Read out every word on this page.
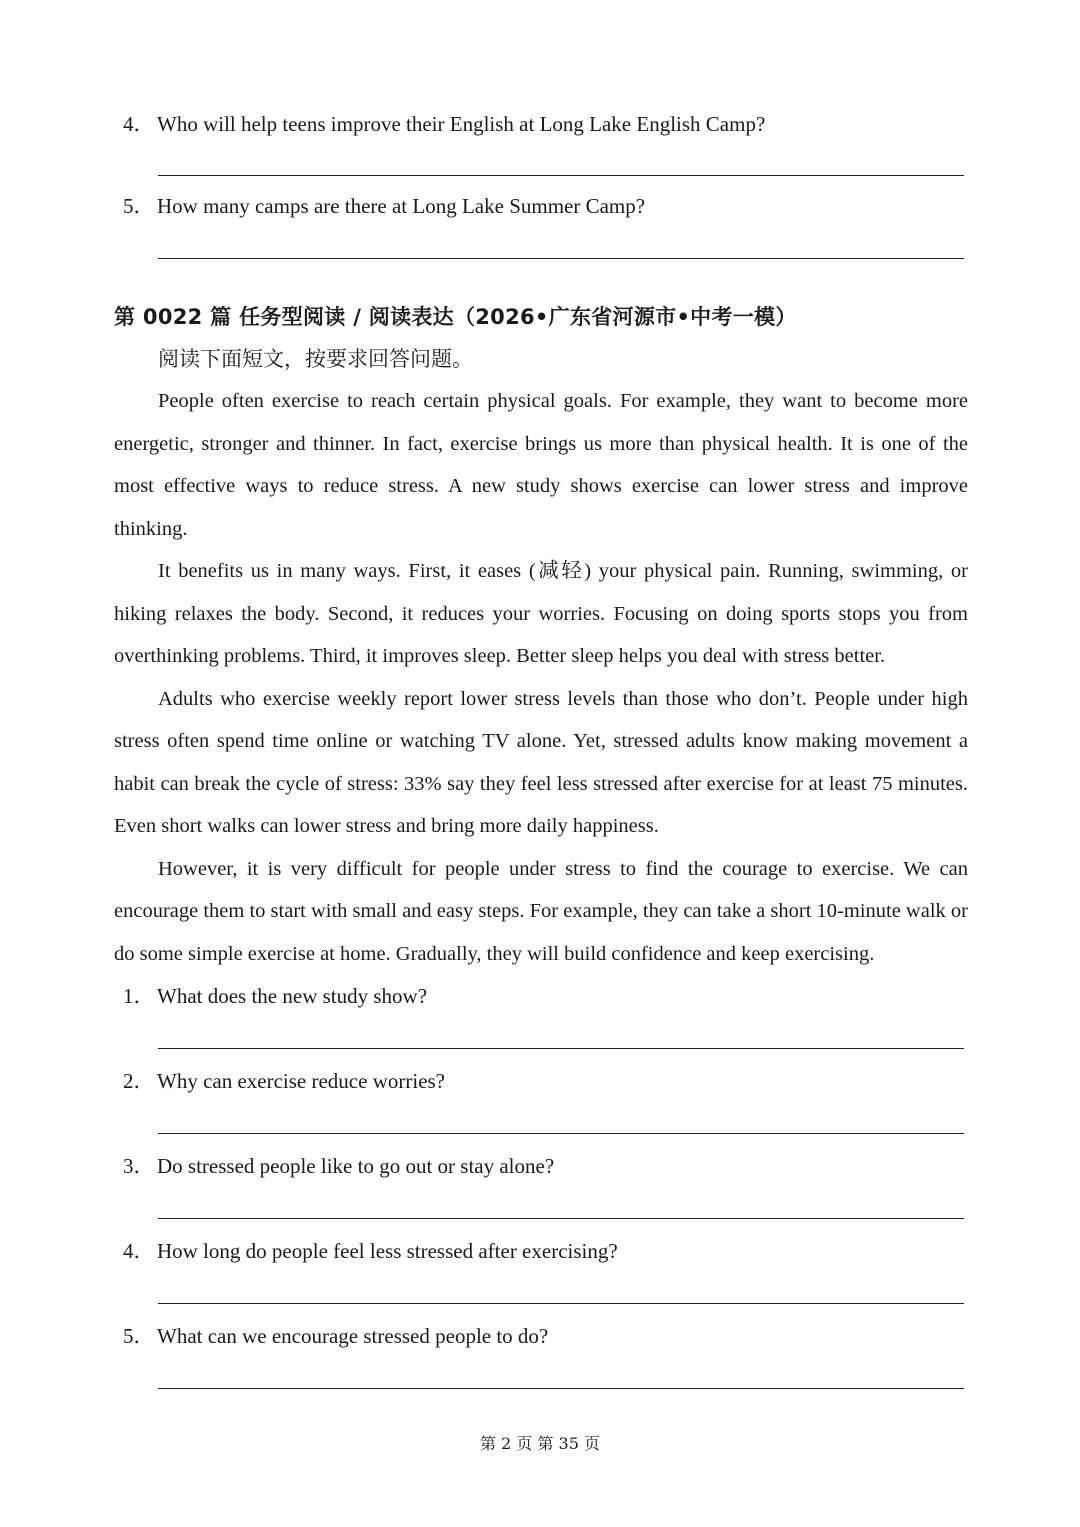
4． Who will help teens improve their English at Long Lake English Camp?
5． How many camps are there at Long Lake Summer Camp?
第 0022 篇 任务型阅读 / 阅读表达（2026•广东省河源市•中考一模）
阅读下面短文，按要求回答问题。

People often exercise to reach certain physical goals. For example, they want to become more energetic, stronger and thinner. In fact, exercise brings us more than physical health. It is one of the most effective ways to reduce stress. A new study shows exercise can lower stress and improve thinking.

It benefits us in many ways. First, it eases (减轻) your physical pain. Running, swimming, or hiking relaxes the body. Second, it reduces your worries. Focusing on doing sports stops you from overthinking problems. Third, it improves sleep. Better sleep helps you deal with stress better.

Adults who exercise weekly report lower stress levels than those who don’t. People under high stress often spend time online or watching TV alone. Yet, stressed adults know making movement a habit can break the cycle of stress: 33% say they feel less stressed after exercise for at least 75 minutes. Even short walks can lower stress and bring more daily happiness.

However, it is very difficult for people under stress to find the courage to exercise. We can encourage them to start with small and easy steps. For example, they can take a short 10-minute walk or do some simple exercise at home. Gradually, they will build confidence and keep exercising.

1． What does the new study show?
2． Why can exercise reduce worries?
3． Do stressed people like to go out or stay alone?
4． How long do people feel less stressed after exercising?
5． What can we encourage stressed people to do?
第 2 页 第 35 页
